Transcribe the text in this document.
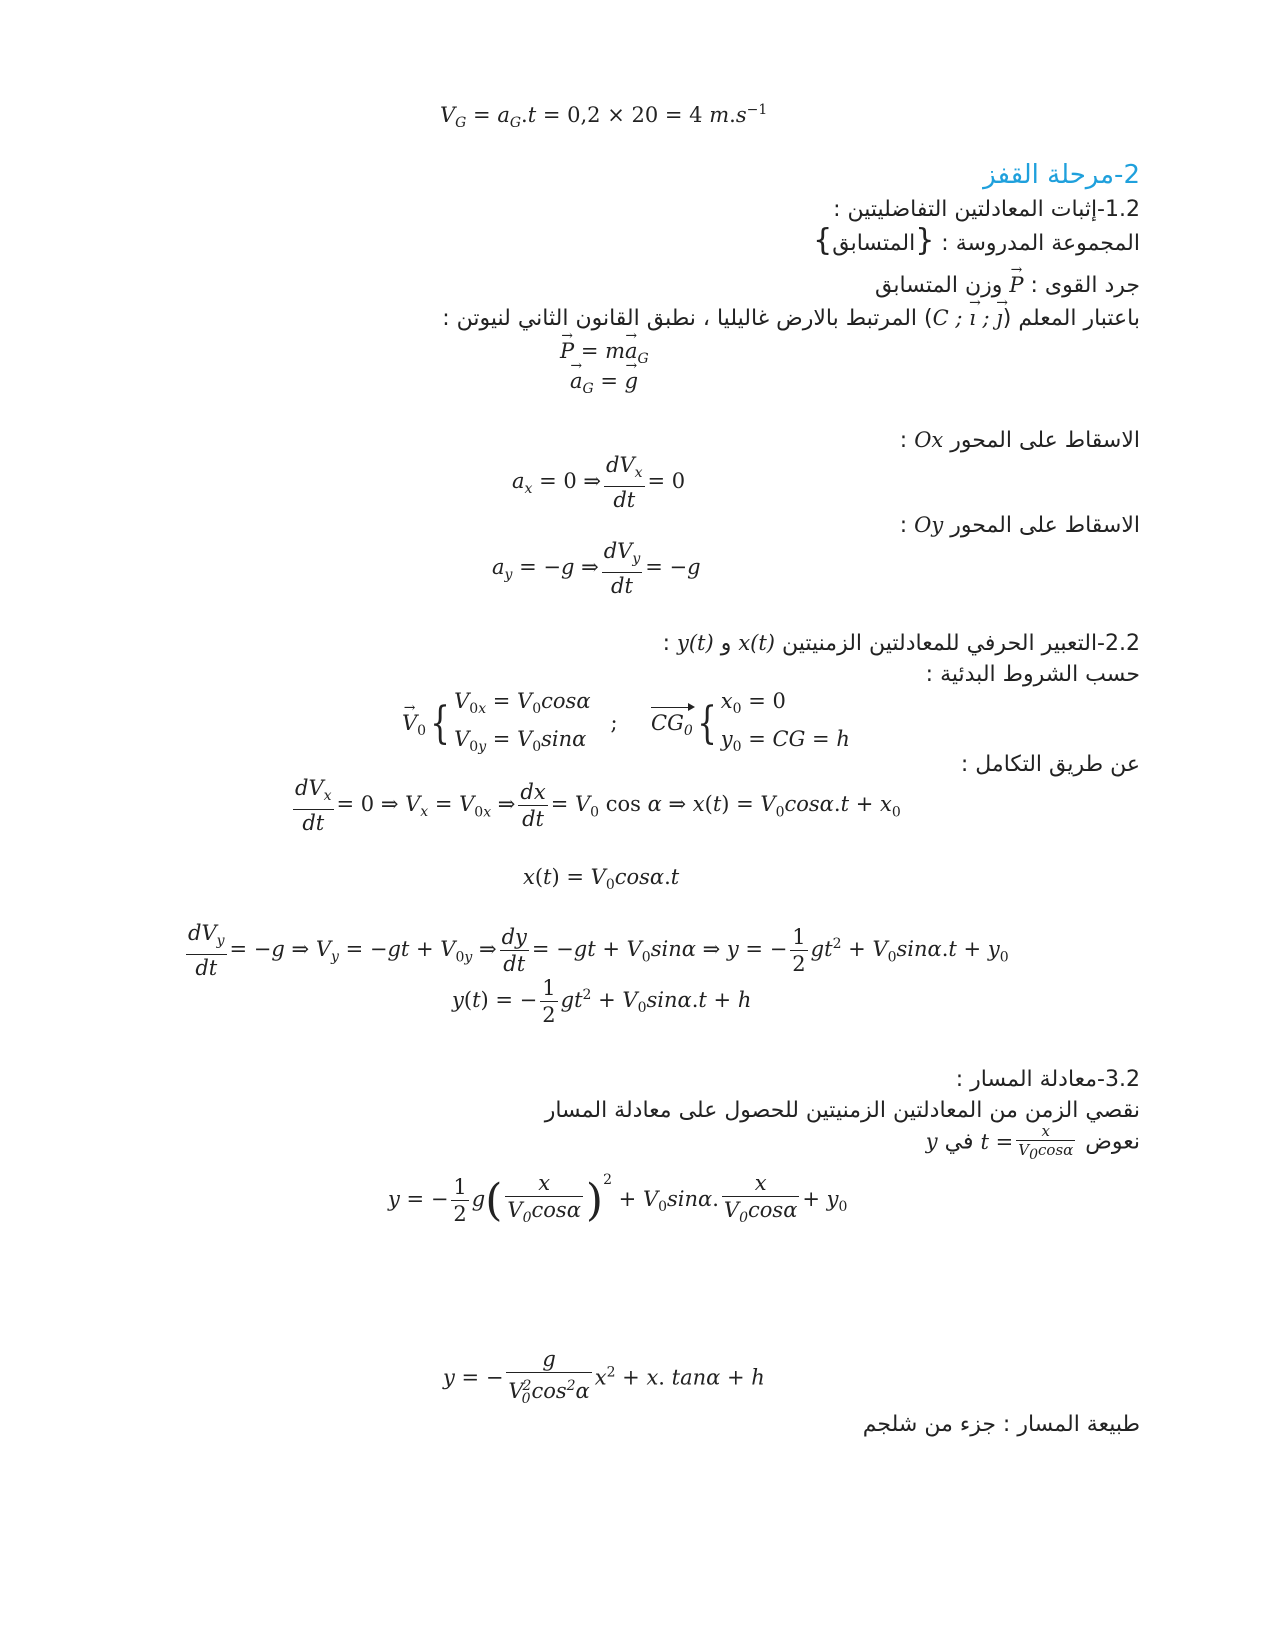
$V_G = a_G.t = 0,2 \times 20 = 4$ $m.s^{-1}$
2-مرحلة القفز
1.2-إثبات المعادلتين التفاضليتين :
المجموعة المدروسة : {المتسابق}
جرد القوى : → P وزن المتسابق
باعتبار المعلم (C ; → ı ; → ȷ) المرتبط بالارض غاليليا ، نطبق القانون الثاني لنيوتن :
→ $P = m\to a_G$
→ $a_G$ = → g
الاسقاط على المحور Ox :
$a_x = 0$ ⇒ $\frac{dV_x}{dt} = 0$
الاسقاط على المحور Oy :
$a_y = -g$ ⇒ $\frac{dV_y}{dt} = -g$
2.2-التعبير الحرفي للمعادلتين الزمنيتين x(t) و y(t) :
حسب الشروط البدئية :
→ $V_0${ $V_{0x} = V_0\cos\alpha$
$V_{0y} = V_0\sin\alpha$   ;     $CG_0${ $x_0 = 0$
$y_0$ = CG = h
عن طريق التكامل :
$\frac{dV_x}{dt} = 0$ ⇒ $V_x = V_{0x}$ ⇒ $\frac{dx}{dt} = V_0$ cos α ⇒ $x(t) = V_0\cos\alpha.t + x_0$
$x(t) = V_0\cos\alpha.t$
$\frac{dV_y}{dt} = -g$ ⇒ $V_y = -gt + V_{0y}$ ⇒ $\frac{dy}{dt} = -gt + V_0\sin\alpha$ ⇒ y = − $\frac{1}{2} gt^2 + V_0\sin\alpha.t + y_0$
y(t) = − $\frac{1}{2} gt^2 + V_0\sin\alpha.t + h$
3.2-معادلة المسار :
نقصي الزمن من المعادلتين الزمنيتين للحصول على معادلة المسار
نعوض $t = \frac{x}{V_0\cos\alpha}$
في y
y = − $\frac{1}{2} g( \frac{x}{V_0\cos\alpha} )^2 + V_0\sin\alpha$. $\frac{x}{V_0\cos\alpha} + y_0$
y = − $\frac{g}{V_0^2\cos^2\alpha} x^2 + x$. tanα + h
طبيعة المسار : جزء من شلجم
